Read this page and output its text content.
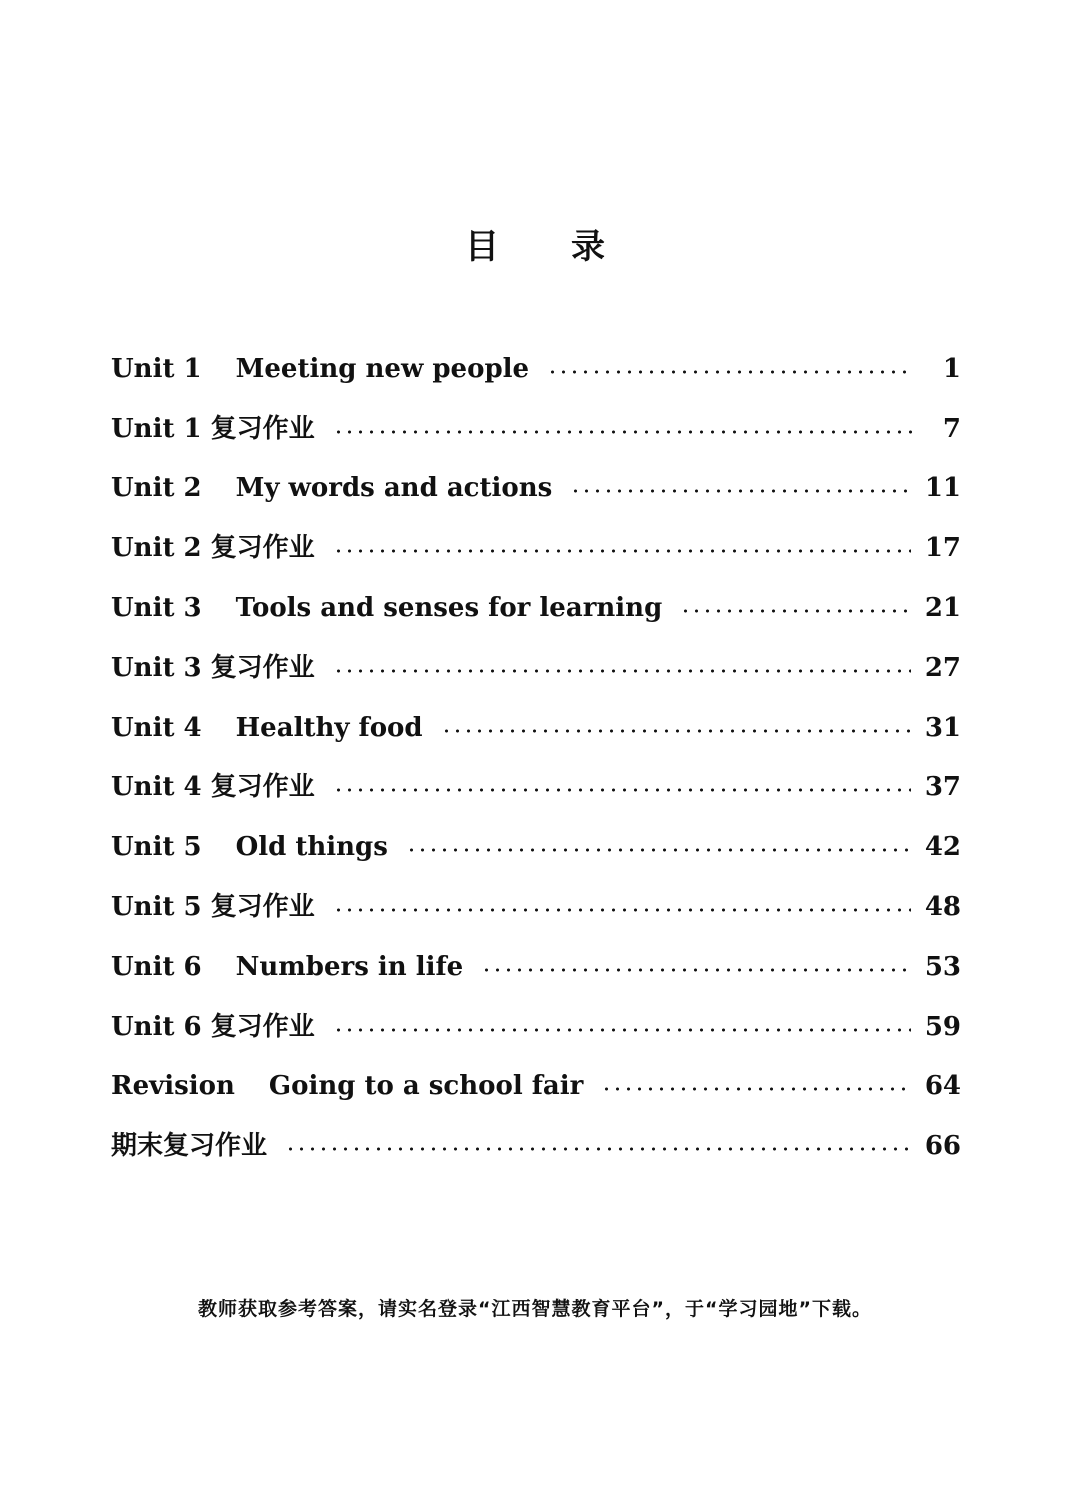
目录
Unit 1 Meeting new people	1
Unit 1 复习作业	7
Unit 2 My words and actions	11
Unit 2 复习作业	17
Unit 3 Tools and senses for learning	21
Unit 3 复习作业	27
Unit 4 Healthy food	31
Unit 4 复习作业	37
Unit 5 Old things	42
Unit 5 复习作业	48
Unit 6 Numbers in life	53
Unit 6 复习作业	59
Revision Going to a school fair	64
期末复习作业	66
教师获取参考答案，请实名登录“江西智慧教育平台”，于“学习园地”下载。
